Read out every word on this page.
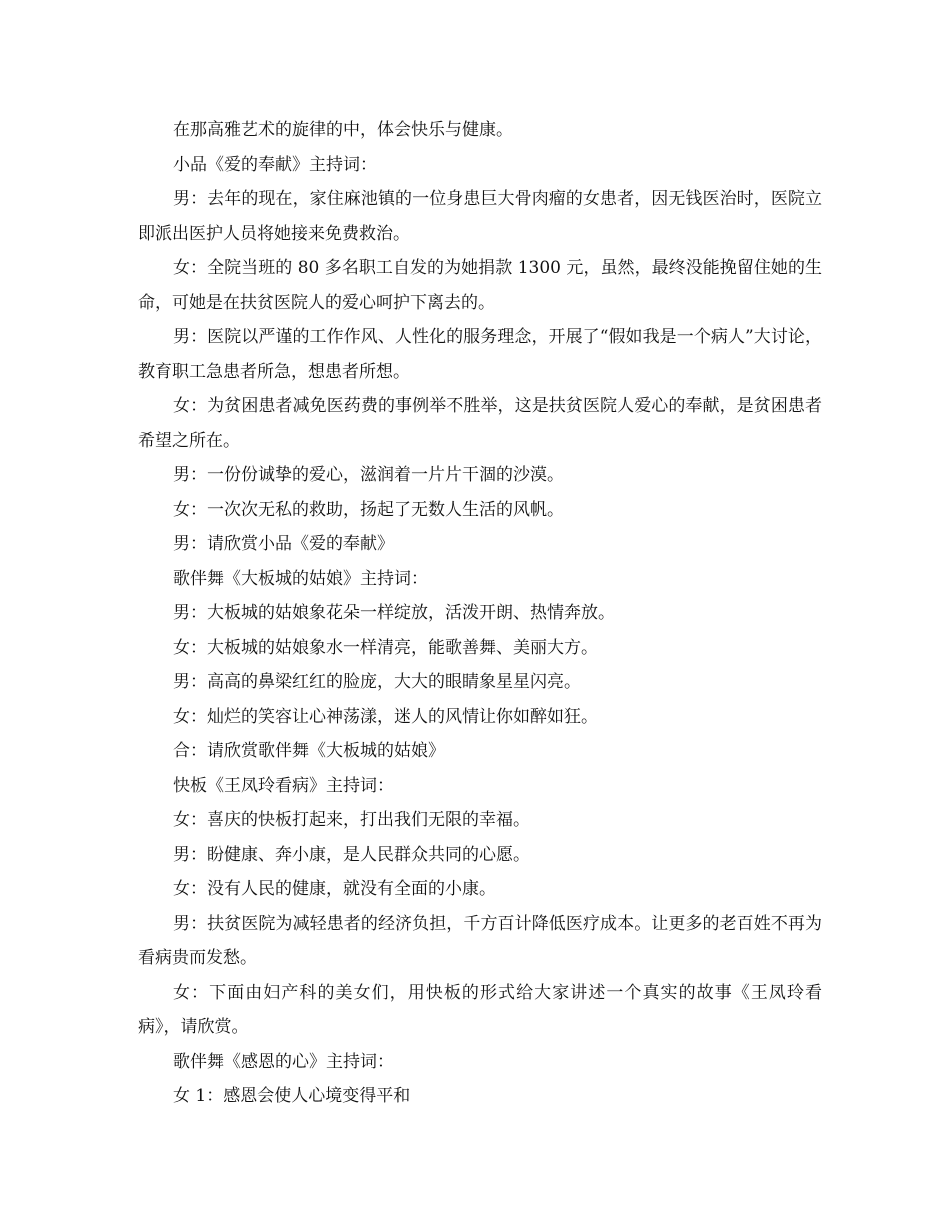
在那高雅艺术的旋律的中，体会快乐与健康。

小品《爱的奉献》主持词：

男：去年的现在，家住麻池镇的一位身患巨大骨肉瘤的女患者，因无钱医治时，医院立即派出医护人员将她接来免费救治。

女：全院当班的 80 多名职工自发的为她捐款 1300 元，虽然，最终没能挽留住她的生命，可她是在扶贫医院人的爱心呵护下离去的。

男：医院以严谨的工作作风、人性化的服务理念，开展了“假如我是一个病人”大讨论，教育职工急患者所急，想患者所想。

女：为贫困患者减免医药费的事例举不胜举，这是扶贫医院人爱心的奉献，是贫困患者希望之所在。

男：一份份诚挚的爱心，滋润着一片片干涸的沙漠。

女：一次次无私的救助，扬起了无数人生活的风帆。

男：请欣赏小品《爱的奉献》

歌伴舞《大板城的姑娘》主持词：

男：大板城的姑娘象花朵一样绽放，活泼开朗、热情奔放。

女：大板城的姑娘象水一样清亮，能歌善舞、美丽大方。

男：高高的鼻梁红红的脸庞，大大的眼睛象星星闪亮。

女：灿烂的笑容让心神荡漾，迷人的风情让你如醉如狂。

合：请欣赏歌伴舞《大板城的姑娘》

快板《王凤玲看病》主持词：

女：喜庆的快板打起来，打出我们无限的幸福。

男：盼健康、奔小康，是人民群众共同的心愿。

女：没有人民的健康，就没有全面的小康。

男：扶贫医院为减轻患者的经济负担，千方百计降低医疗成本。让更多的老百姓不再为看病贵而发愁。

女：下面由妇产科的美女们，用快板的形式给大家讲述一个真实的故事《王凤玲看病》，请欣赏。

歌伴舞《感恩的心》主持词：

女 1：感恩会使人心境变得平和
